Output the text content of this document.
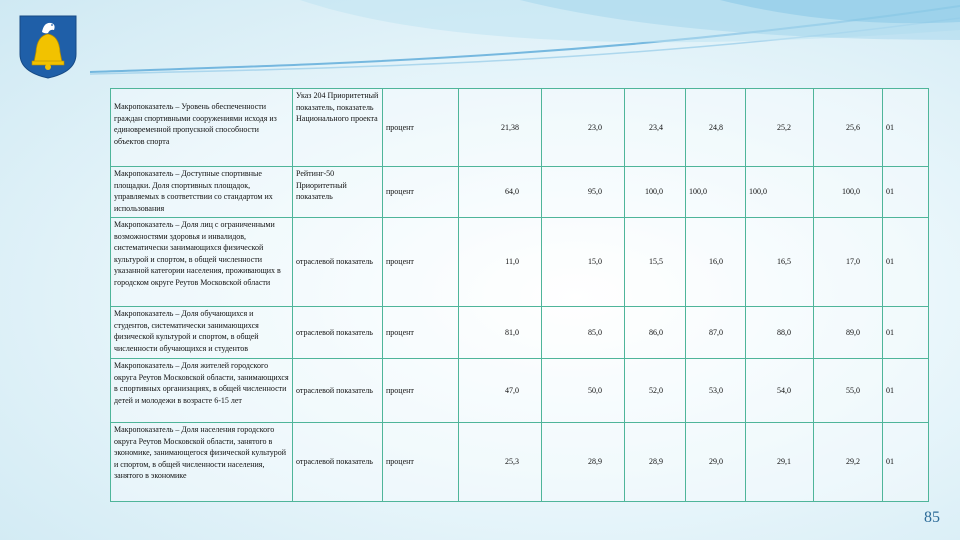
Макропоказатель – Уровень обеспеченности граждан спортивными сооружениями исходя из единовременной пропускной способности объектов спорта	Указ 204 Приоритетный показатель, показатель Национального проекта	процент	21,38	23,0	23,4	24,8	25,2	25,6	01
Макропоказатель – Доступные спортивные площадки. Доля спортивных площадок, управляемых в соответствии со стандартом их использования	Рейтинг-50 Приоритетный показатель	процент	64,0	95,0	100,0	100,0	100,0	100,0	01
Макропоказатель – Доля лиц с ограниченными возможностями здоровья и инвалидов, систематически занимающихся физической культурой и спортом, в общей численности указанной категории населения, проживающих в городском округе Реутов Московской области	отраслевой показатель	процент	11,0	15,0	15,5	16,0	16,5	17,0	01
Макропоказатель – Доля обучающихся и студентов, систематически занимающихся физической культурой и спортом, в общей численности обучающихся и студентов	отраслевой показатель	процент	81,0	85,0	86,0	87,0	88,0	89,0	01
Макропоказатель – Доля жителей городского округа Реутов Московской области, занимающихся в спортивных организациях, в общей численности детей и молодежи в возрасте 6-15 лет	отраслевой показатель	процент	47,0	50,0	52,0	53,0	54,0	55,0	01
Макропоказатель – Доля населения городского округа Реутов Московской области, занятого в экономике, занимающегося физической культурой и спортом, в общей численности населения, занятого в экономике	отраслевой показатель	процент	25,3	28,9	28,9	29,0	29,1	29,2	01
85
